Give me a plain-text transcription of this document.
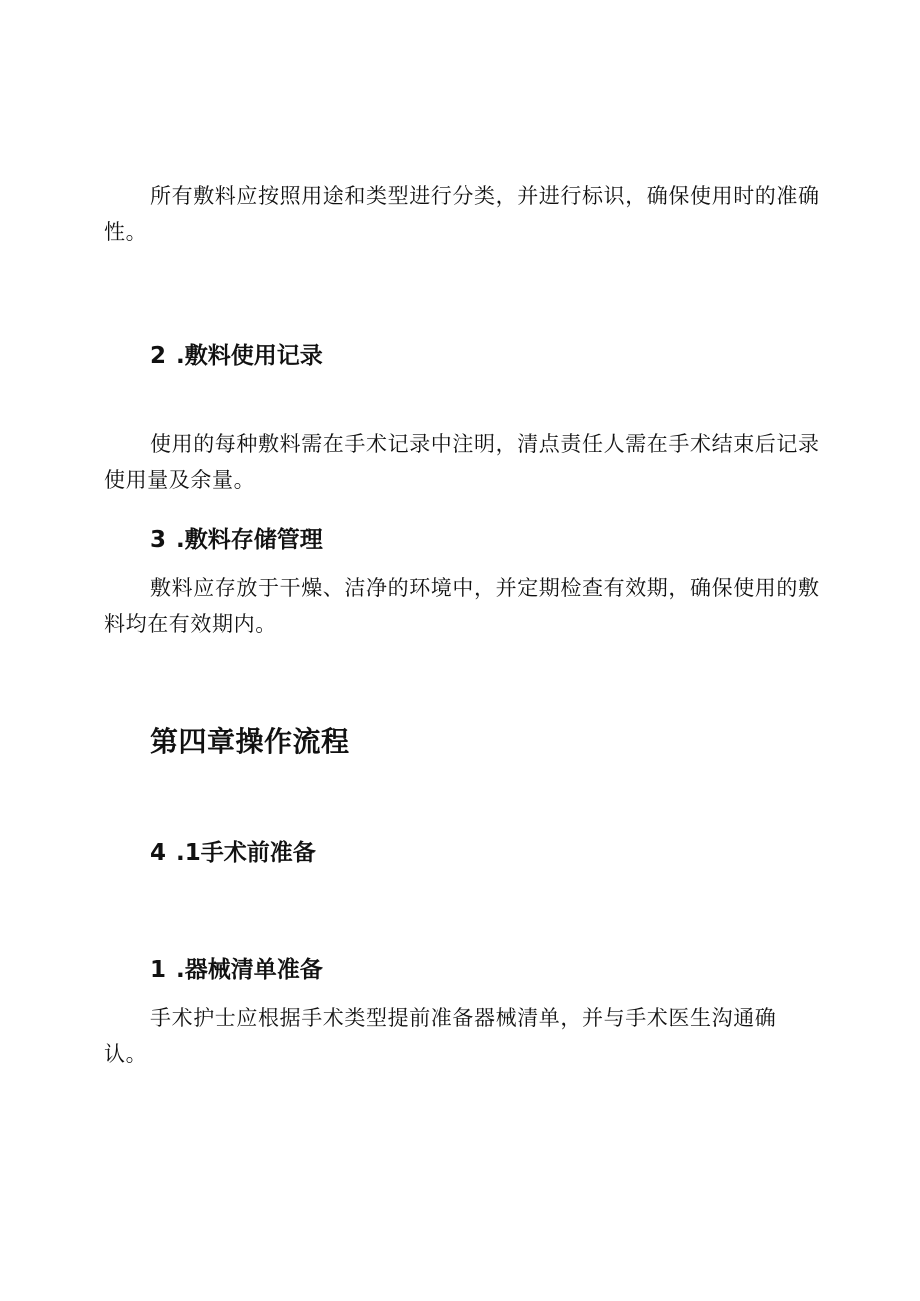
所有敷料应按照用途和类型进行分类，并进行标识，确保使用时的准确性。

2 .敷料使用记录

使用的每种敷料需在手术记录中注明，清点责任人需在手术结束后记录使用量及余量。

3 .敷料存储管理

敷料应存放于干燥、洁净的环境中，并定期检查有效期，确保使用的敷料均在有效期内。

第四章操作流程
4 .1手术前准备
1 .器械清单准备

手术护士应根据手术类型提前准备器械清单，并与手术医生沟通确认。
